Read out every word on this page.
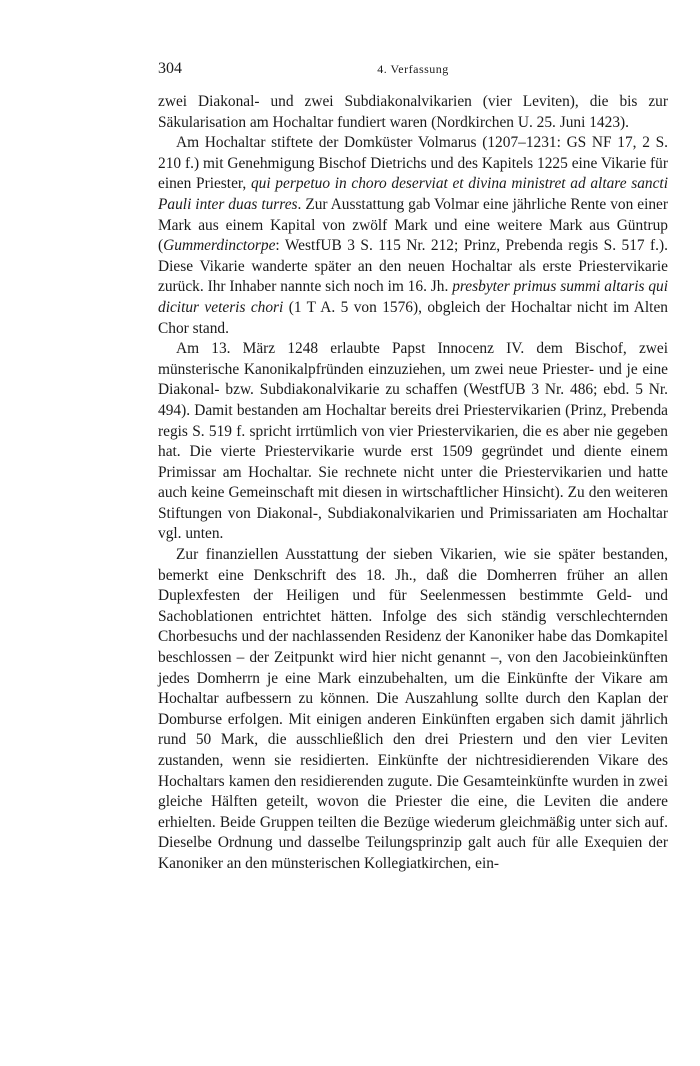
304	4. Verfassung

zwei Diakonal- und zwei Subdiakonalvikarien (vier Leviten), die bis zur Säkularisation am Hochaltar fundiert waren (Nordkirchen U. 25. Juni 1423).

Am Hochaltar stiftete der Domküster Volmarus (1207–1231: GS NF 17, 2 S. 210 f.) mit Genehmigung Bischof Dietrichs und des Kapitels 1225 eine Vikarie für einen Priester, qui perpetuo in choro deserviat et divina ministret ad altare sancti Pauli inter duas turres. Zur Ausstattung gab Volmar eine jährliche Rente von einer Mark aus einem Kapital von zwölf Mark und eine weitere Mark aus Güntrup (Gummerdinctorpe: WestfUB 3 S. 115 Nr. 212; Prinz, Prebenda regis S. 517 f.). Diese Vikarie wanderte später an den neuen Hochaltar als erste Priestervikarie zurück. Ihr Inhaber nannte sich noch im 16. Jh. presbyter primus summi altaris qui dicitur veteris chori (1 T A. 5 von 1576), obgleich der Hochaltar nicht im Alten Chor stand.

Am 13. März 1248 erlaubte Papst Innocenz IV. dem Bischof, zwei münsterische Kanonikalpfründen einzuziehen, um zwei neue Priester- und je eine Diakonal- bzw. Subdiakonalvikarie zu schaffen (WestfUB 3 Nr. 486; ebd. 5 Nr. 494). Damit bestanden am Hochaltar bereits drei Priestervikarien (Prinz, Prebenda regis S. 519 f. spricht irrtümlich von vier Priestervikarien, die es aber nie gegeben hat. Die vierte Priestervikarie wurde erst 1509 gegründet und diente einem Primissar am Hochaltar. Sie rechnete nicht unter die Priestervikarien und hatte auch keine Gemeinschaft mit diesen in wirtschaftlicher Hinsicht). Zu den weiteren Stiftungen von Diakonal-, Subdiakonalvikarien und Primissariaten am Hochaltar vgl. unten.

Zur finanziellen Ausstattung der sieben Vikarien, wie sie später bestanden, bemerkt eine Denkschrift des 18. Jh., daß die Domherren früher an allen Duplexfesten der Heiligen und für Seelenmessen bestimmte Geld- und Sachoblationen entrichtet hätten. Infolge des sich ständig verschlechternden Chorbesuchs und der nachlassenden Residenz der Kanoniker habe das Domkapitel beschlossen – der Zeitpunkt wird hier nicht genannt –, von den Jacobieinkünften jedes Domherrn je eine Mark einzubehalten, um die Einkünfte der Vikare am Hochaltar aufbessern zu können. Die Auszahlung sollte durch den Kaplan der Domburse erfolgen. Mit einigen anderen Einkünften ergaben sich damit jährlich rund 50 Mark, die ausschließlich den drei Priestern und den vier Leviten zustanden, wenn sie residierten. Einkünfte der nichtresidierenden Vikare des Hochaltars kamen den residierenden zugute. Die Gesamteinkünfte wurden in zwei gleiche Hälften geteilt, wovon die Priester die eine, die Leviten die andere erhielten. Beide Gruppen teilten die Bezüge wiederum gleichmäßig unter sich auf. Dieselbe Ordnung und dasselbe Teilungsprinzip galt auch für alle Exequien der Kanoniker an den münsterischen Kollegiatkirchen, ein-
